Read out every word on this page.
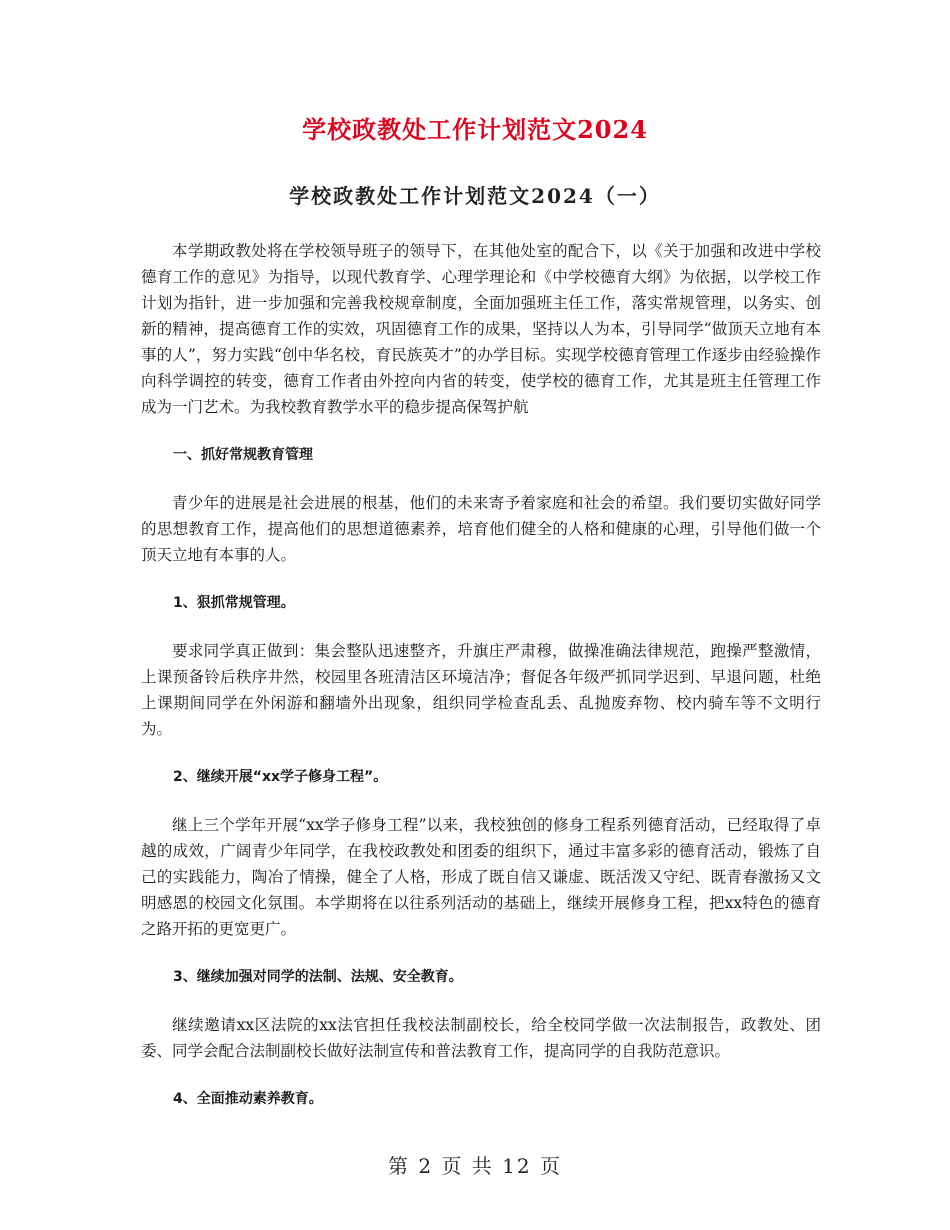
学校政教处工作计划范文2024
学校政教处工作计划范文2024（一）

本学期政教处将在学校领导班子的领导下，在其他处室的配合下，以《关于加强和改进中学校德育工作的意见》为指导，以现代教育学、心理学理论和《中学校德育大纲》为依据，以学校工作计划为指针，进一步加强和完善我校规章制度，全面加强班主任工作，落实常规管理，以务实、创新的精神，提高德育工作的实效，巩固德育工作的成果，坚持以人为本，引导同学“做顶天立地有本事的人”，努力实践“创中华名校，育民族英才”的办学目标。实现学校德育管理工作逐步由经验操作向科学调控的转变，德育工作者由外控向内省的转变，使学校的德育工作，尤其是班主任管理工作成为一门艺术。为我校教育教学水平的稳步提高保驾护航

一、抓好常规教育管理

青少年的进展是社会进展的根基，他们的未来寄予着家庭和社会的希望。我们要切实做好同学的思想教育工作，提高他们的思想道德素养，培育他们健全的人格和健康的心理，引导他们做一个顶天立地有本事的人。

1、狠抓常规管理。

要求同学真正做到：集会整队迅速整齐，升旗庄严肃穆，做操准确法律规范，跑操严整激情，上课预备铃后秩序井然，校园里各班清洁区环境洁净；督促各年级严抓同学迟到、早退问题，杜绝上课期间同学在外闲游和翻墙外出现象，组织同学检查乱丢、乱抛废弃物、校内骑车等不文明行为。

2、继续开展“xx学子修身工程”。

继上三个学年开展“xx学子修身工程”以来，我校独创的修身工程系列德育活动，已经取得了卓越的成效，广阔青少年同学，在我校政教处和团委的组织下，通过丰富多彩的德育活动，锻炼了自己的实践能力，陶冶了情操，健全了人格，形成了既自信又谦虚、既活泼又守纪、既青春激扬又文明感恩的校园文化氛围。本学期将在以往系列活动的基础上，继续开展修身工程，把xx特色的德育之路开拓的更宽更广。

3、继续加强对同学的法制、法规、安全教育。

继续邀请xx区法院的xx法官担任我校法制副校长，给全校同学做一次法制报告，政教处、团委、同学会配合法制副校长做好法制宣传和普法教育工作，提高同学的自我防范意识。

4、全面推动素养教育。

第 2 页 共 12 页
